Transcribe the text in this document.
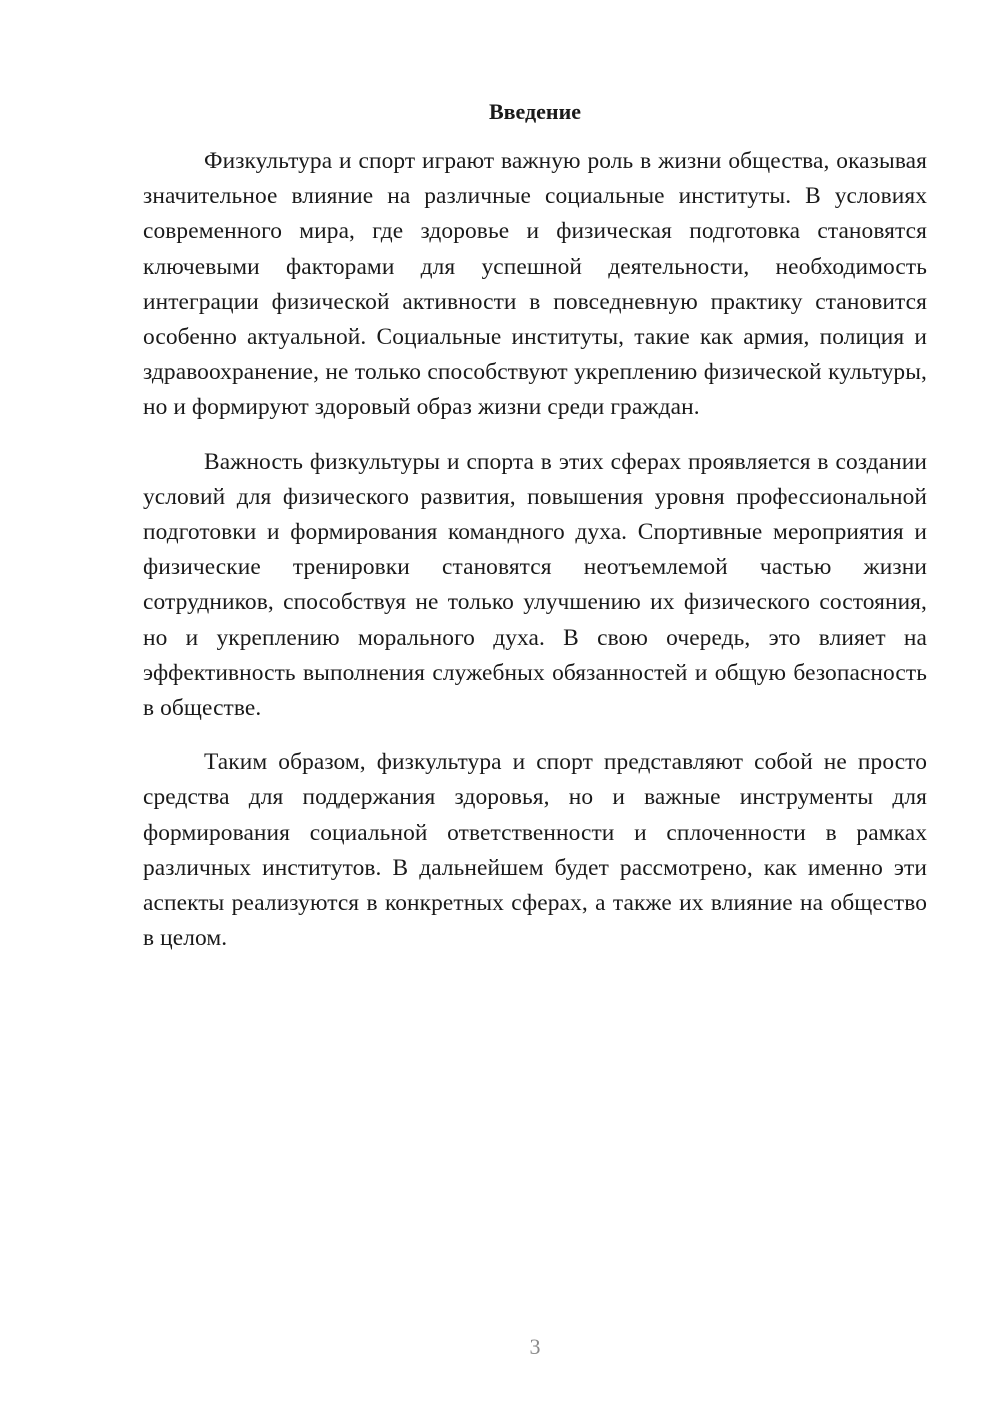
Введение

Физкультура и спорт играют важную роль в жизни общества, оказывая значительное влияние на различные социальные институты. В условиях современного мира, где здоровье и физическая подготовка становятся ключевыми факторами для успешной деятельности, необходимость интеграции физической активности в повседневную практику становится особенно актуальной. Социальные институты, такие как армия, полиция и здравоохранение, не только способствуют укреплению физической культуры, но и формируют здоровый образ жизни среди граждан.

Важность физкультуры и спорта в этих сферах проявляется в создании условий для физического развития, повышения уровня профессиональной подготовки и формирования командного духа. Спортивные мероприятия и физические тренировки становятся неотъемлемой частью жизни сотрудников, способствуя не только улучшению их физического состояния, но и укреплению морального духа. В свою очередь, это влияет на эффективность выполнения служебных обязанностей и общую безопасность в обществе.

Таким образом, физкультура и спорт представляют собой не просто средства для поддержания здоровья, но и важные инструменты для формирования социальной ответственности и сплоченности в рамках различных институтов. В дальнейшем будет рассмотрено, как именно эти аспекты реализуются в конкретных сферах, а также их влияние на общество в целом.

3
